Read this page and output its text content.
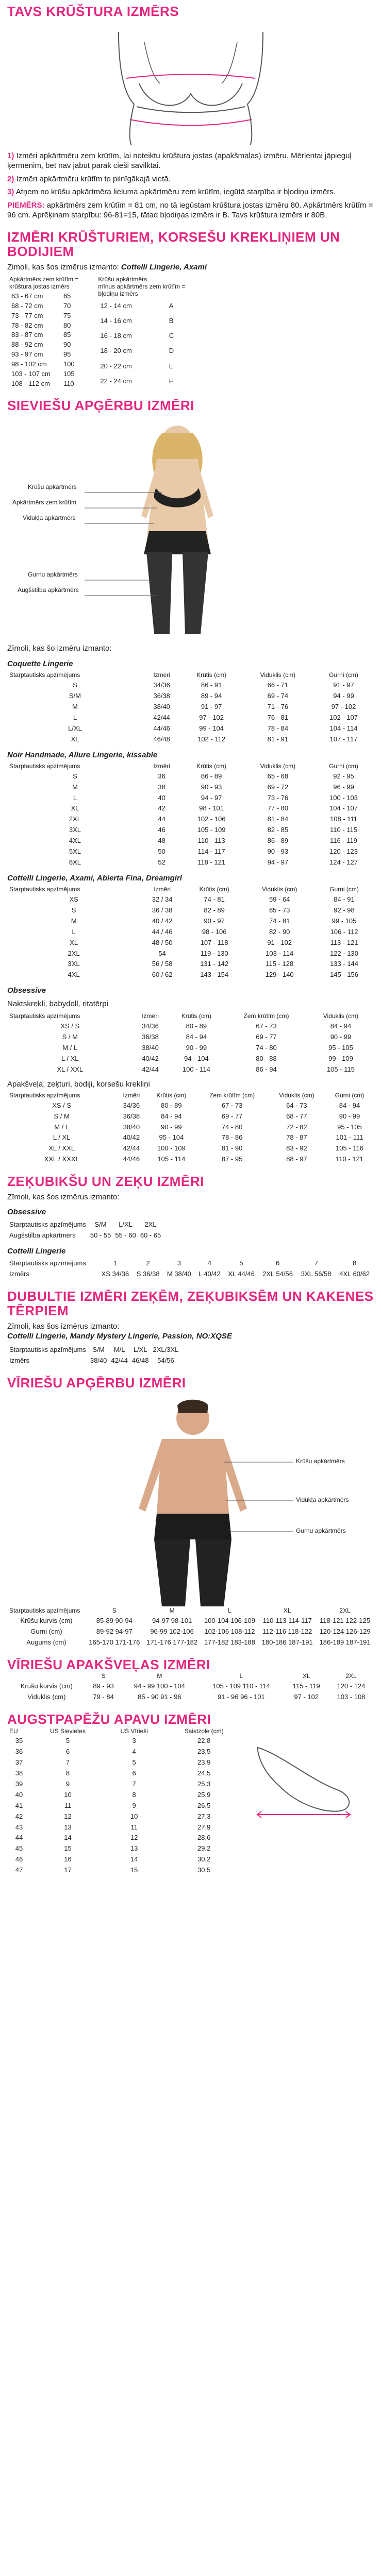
TAVS KRŪŠTURA IZMĒRS

1) Izmēri apkārtmēru zem krūtīm, lai noteiktu krūšturа jostas (apakšmalas) izmēru. Mērlentai jāpieguļ ķermenim, bet nav jābūt pārāk cieši savilktai.

2) Izmēri apkārtmēru krūtīm to pilnīgākajā vietā.

3) Atņem no krūšu apkārtmēra lieluma apkārtmēru zem krūtīm, iegūtā starpība ir bļodiņu izmērs.

PIEMĒRS: apkārtmērs zem krūtīm = 81 cm, no tā iegūstam krūšturа jostas izmēru 80. Apkārtmērs krūtīm = 96 cm. Aprēķinam starpību: 96-81=15, tātad bļodiņas izmērs ir B. Tavs krūštura izmērs ir 80B.

IZMĒRI KRŪŠTURIEM, KORSEŠU KREKLIŅIEM UN BODIJIEM

Zimoli, kas šos izmērus izmanto: Cottelli Lingerie, Axami

Apkārtmērs zem krūtīm =
krūštura jostas izmērs	
63 - 67 cm	65
68 - 72 cm	70
73 - 77 cm	75
78 - 82 cm	80
83 - 87 cm	85
88 - 92 cm	90
93 - 97 cm	95
98 - 102 cm	100
103 - 107 cm	105
108 - 112 cm	110
Krūšu apkārtmērs
mīnus apkārtmērs zem krūtīm =
bļodiņu izmērs	
12 - 14 cm	A
14 - 16 cm	B
16 - 18 cm	C
18 - 20 cm	D
20 - 22 cm	E
22 - 24 cm	F
SIEVIEŠU APĢĒRBU IZMĒRI
Krūšu apkārtmērs
Apkārtmērs zem krūtīm
Vidukļa apkārtmērs
Gurnu apkārtmērs
Augšstilba apkārtmērs

Zīmoli, kas šo izmēru izmanto:

Coquette Lingerie
Starptautisks apzīmējums	Izmēri	Krūtis (cm)	Viduklis (cm)	Gurni (cm)
S	34/36	86 - 91	66 - 71	91 - 97
S/M	36/38	89 - 94	69 - 74	94 - 99
M	38/40	91 - 97	71 - 76	97 - 102
L	42/44	97 - 102	76 - 81	102 - 107
L/XL	44/46	99 - 104	78 - 84	104 - 114
XL	46/48	102 - 112	81 - 91	107 - 117
Noir Handmade, Allure Lingerie, kissable
Starptautisks apzīmējums	Izmēri	Krūtis (cm)	Viduklis (cm)	Gurni (cm)
S	36	86 - 89	65 - 68	92 - 95
M	38	90 - 93	69 - 72	96 - 99
L	40	94 - 97	73 - 76	100 - 103
XL	42	98 - 101	77 - 80	104 - 107
2XL	44	102 - 106	81 - 84	108 - 111
3XL	46	105 - 109	82 - 85	110 - 115
4XL	48	110 - 113	86 - 89	116 - 119
5XL	50	114 - 117	90 - 93	120 - 123
6XL	52	118 - 121	94 - 97	124 - 127
Cottelli Lingerie, Axami, Abierta Fina, Dreamgirl
Starptautisks apzīmējums	Izmēri	Krūtis (cm)	Viduklis (cm)	Gurni (cm)
XS	32 / 34	74 - 81	59 - 64	84 - 91
S	36 / 38	82 - 89	65 - 73	92 - 98
M	40 / 42	90 - 97	74 - 81	99 - 105
L	44 / 46	98 - 106	82 - 90	106 - 112
XL	48 / 50	107 - 118	91 - 102	113 - 121
2XL	54	119 - 130	103 - 114	122 - 130
3XL	56 / 58	131 - 142	115 - 128	133 - 144
4XL	60 / 62	143 - 154	129 - 140	145 - 156
Obsessive

Naktskrekli, babydoll, ritatērpi

Starptautisks apzīmējums	Izmēri	Krūtis (cm)	Zem krūtīm (cm)	Viduklis (cm)
XS / S	34/36	80 - 89	67 - 73	84 - 94
S / M	36/38	84 - 94	69 - 77	90 - 99
M / L	38/40	90 - 99	74 - 80	95 - 105
L / XL	40/42	94 - 104	80 - 88	99 - 109
XL / XXL	42/44	100 - 114	86 - 94	105 - 115

Apakšveļa, zeķturi, bodiji, korsešu krekliņi

Starptautisks apzīmējums	Izmēri	Krūtis (cm)	Zem krūtīm (cm)	Viduklis (cm)	Gurni (cm)
XS / S	34/36	80 - 89	67 - 73	64 - 73	84 - 94
S / M	36/38	84 - 94	69 - 77	68 - 77	90 - 99
M / L	38/40	90 - 99	74 - 80	72 - 82	95 - 105
L / XL	40/42	95 - 104	78 - 86	78 - 87	101 - 111
XL / XXL	42/44	100 - 109	81 - 90	83 - 92	105 - 116
XXL / XXXL	44/46	105 - 114	87 - 95	88 - 97	110 - 121
ZEĶUBIKŠU UN ZEĶU IZMĒRI

Zīmoli, kas šos izmērus izmanto:

Obsessive
Starptautisks apzīmējums	S/M	L/XL	2XL
Augšstilba apkārtmērs	50 - 55	55 - 60	60 - 65
Cottelli Lingerie
Starptautisks apzīmējums	1	2	3	4	5	6	7	8
Izmērs	XS 34/36	S 36/38	M 38/40	L 40/42	XL 44/46	2XL 54/56	3XL 56/58	4XL 60/62
DUBULTIE IZMĒRI ZEĶĒM, ZEĶUBIKSĒM UN KAKENES TĒRPIEM

Zīmoli, kas šos izmērus izmanto:
Cottelli Lingerie, Mandy Mystery Lingerie, Passion, NO:XQSE

Starptautisks apzīmējums	S/M	M/L	L/XL	2XL/3XL
Izmērs	38/40	42/44	46/48	54/56
VĪRIEŠU APĢĒRBU IZMĒRI
Krūšu apkārtmērs
Vidukļa apkārtmērs
Gurnu apkārtmērs
Starptautisks apzīmējums	S	M	L	XL	2XL
Krūšu kurvis (cm)	85-89 90-94	94-97 98-101	100-104 106-109	110-113 114-117	118-121 122-125
Gurni (cm)	89-92 94-97	96-99 102-106	102-106 108-112	112-116 118-122	120-124 126-129
Augums (cm)	165-170 171-176	171-176 177-182	177-182 183-188	180-186 187-191	186-189 187-191
VĪRIEŠU APAKŠVEĻAS IZMĒRI
	S	M	L	XL	2XL
Krūšu kurvis (cm)	89 - 93	94 - 99 100 - 104	105 - 109 110 - 114	115 - 119	120 - 124
Viduklis (cm)	79 - 84	85 - 90 91 - 96	91 - 96 96 - 101	97 - 102	103 - 108
AUGSTPAPĒŽU APAVU IZMĒRI
EU	US Sievietes	US Vīrieši	Saistzole (cm)
35	5	3	22,8
36	6	4	23,5
37	7	5	23,9
38	8	6	24,5
39	9	7	25,3
40	10	8	25,9
41	11	9	26,5
42	12	10	27,3
43	13	11	27,9
44	14	12	28,6
45	15	13	29,2
46	16	14	30,2
47	17	15	30,5
